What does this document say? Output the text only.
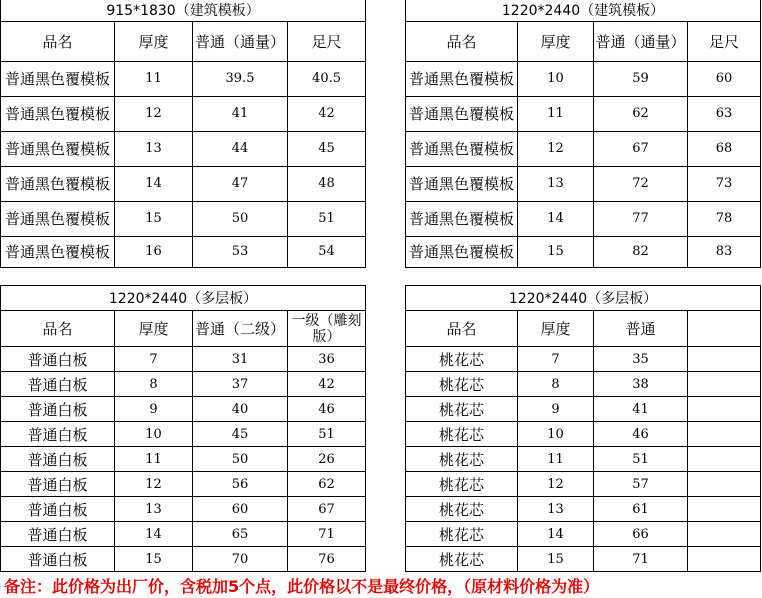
915*1830（建筑模板）			
品名	厚度	普通（通量）	足尺
普通黑色覆模板	11	39.5	40.5
普通黑色覆模板	12	41	42
普通黑色覆模板	13	44	45
普通黑色覆模板	14	47	48
普通黑色覆模板	15	50	51
普通黑色覆模板	16	53	54
1220*2440（建筑模板）			
品名	厚度	普通（通量）	足尺
普通黑色覆模板	10	59	60
普通黑色覆模板	11	62	63
普通黑色覆模板	12	67	68
普通黑色覆模板	13	72	73
普通黑色覆模板	14	77	78
普通黑色覆模板	15	82	83
1220*2440（多层板）			
品名	厚度	普通（二级）	一级（雕刻版）
普通白板	7	31	36
普通白板	8	37	42
普通白板	9	40	46
普通白板	10	45	51
普通白板	11	50	26
普通白板	12	56	62
普通白板	13	60	67
普通白板	14	65	71
普通白板	15	70	76
1220*2440（多层板）			
品名	厚度	普通	
桃花芯	7	35	
桃花芯	8	38	
桃花芯	9	41	
桃花芯	10	46	
桃花芯	11	51	
桃花芯	12	57	
桃花芯	13	61	
桃花芯	14	66	
桃花芯	15	71	
备注：此价格为出厂价，含税加5个点，此价格以不是最终价格，（原材料价格为准）
